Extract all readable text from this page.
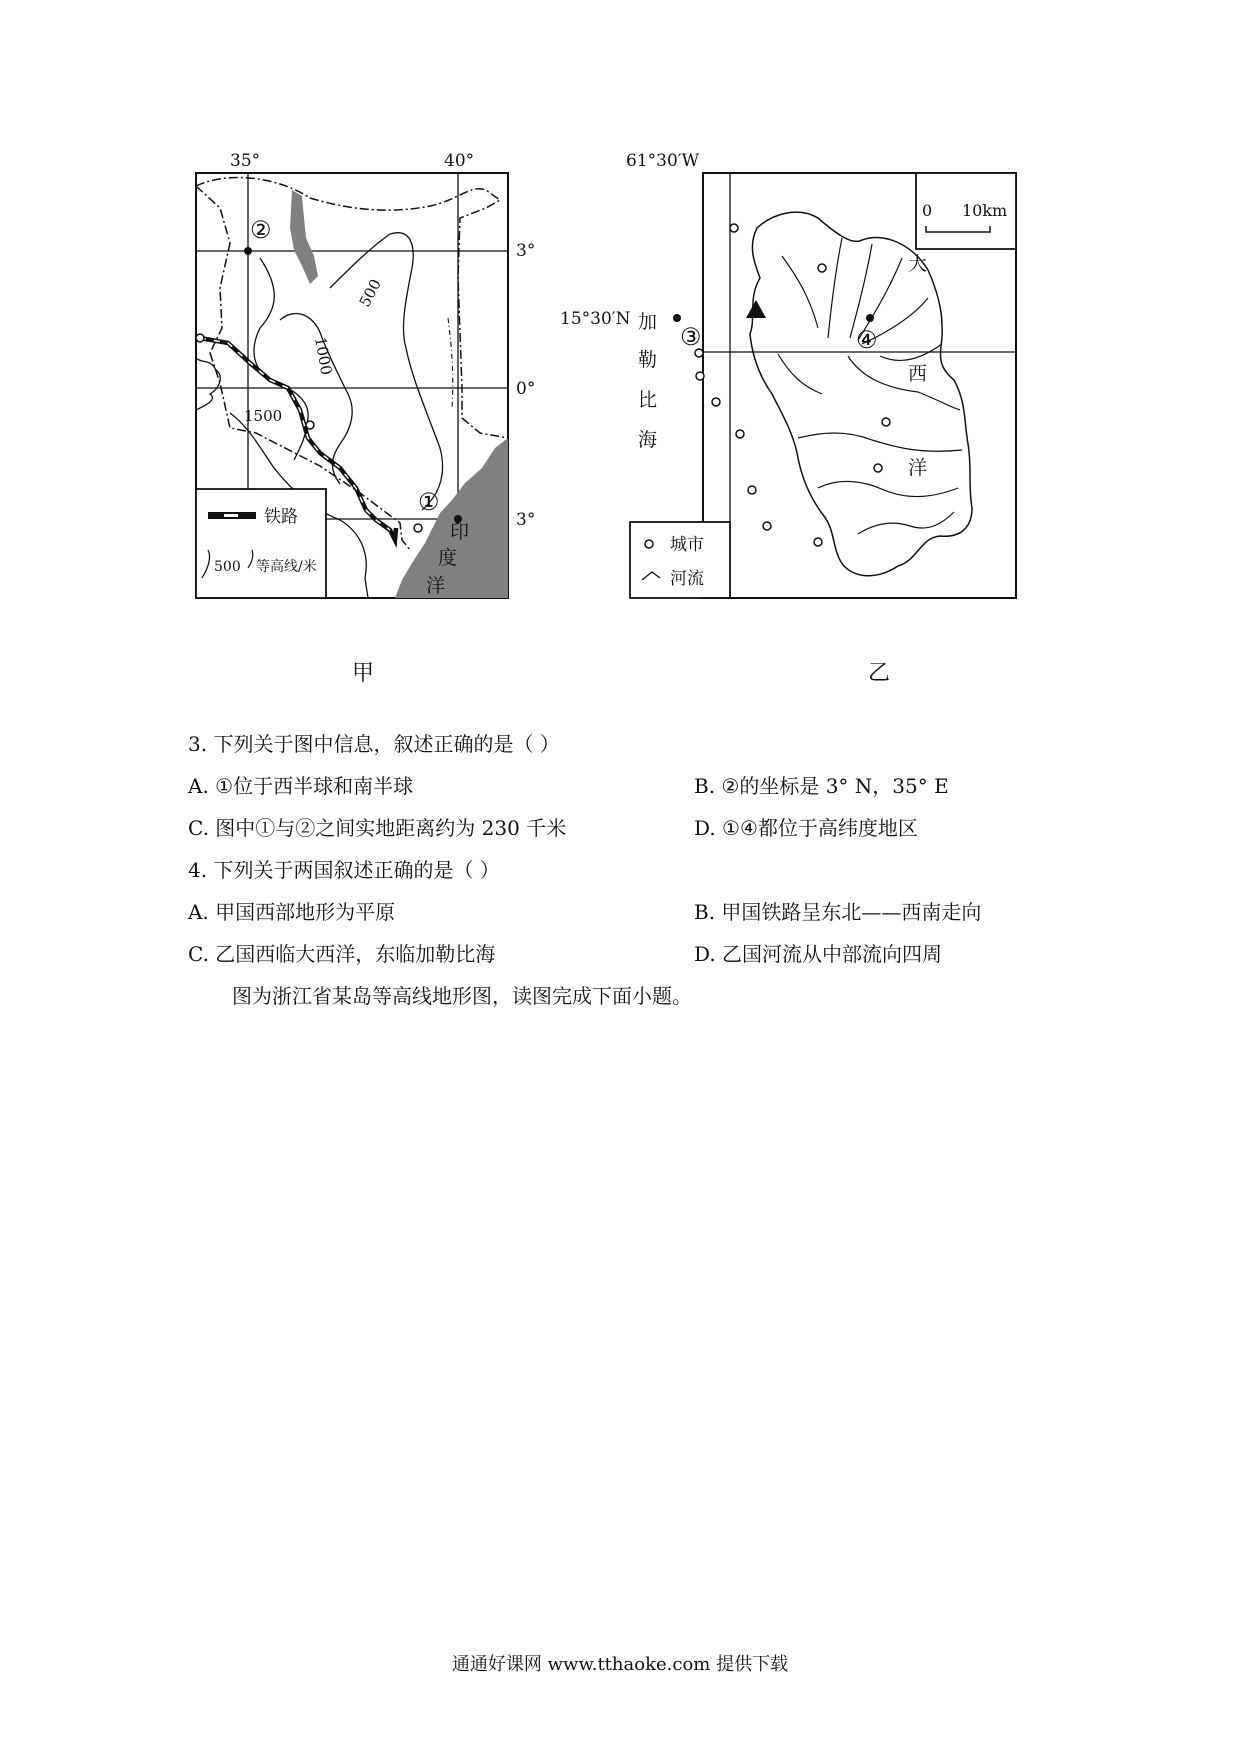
②
①
35°	40°
3°
0°
3°
500
1000
1500
印
度
洋
铁路
500 等高线/米
甲
0 10km
③	④
61°30′W
15°30′N 加
勒
比
海
大
西
洋
城市
河流
乙
3. 下列关于图中信息，叙述正确的是（ ）
A. ①位于西半球和南半球	B. ②的坐标是 3° N，35° E
C. 图中①与②之间实地距离约为 230 千米	D. ①④都位于高纬度地区
4. 下列关于两国叙述正确的是（ ）
A. 甲国西部地形为平原	B. 甲国铁路呈东北——西南走向
C. 乙国西临大西洋，东临加勒比海	D. 乙国河流从中部流向四周
图为浙江省某岛等高线地形图，读图完成下面小题。
通通好课网 www.tthaoke.com 提供下载
